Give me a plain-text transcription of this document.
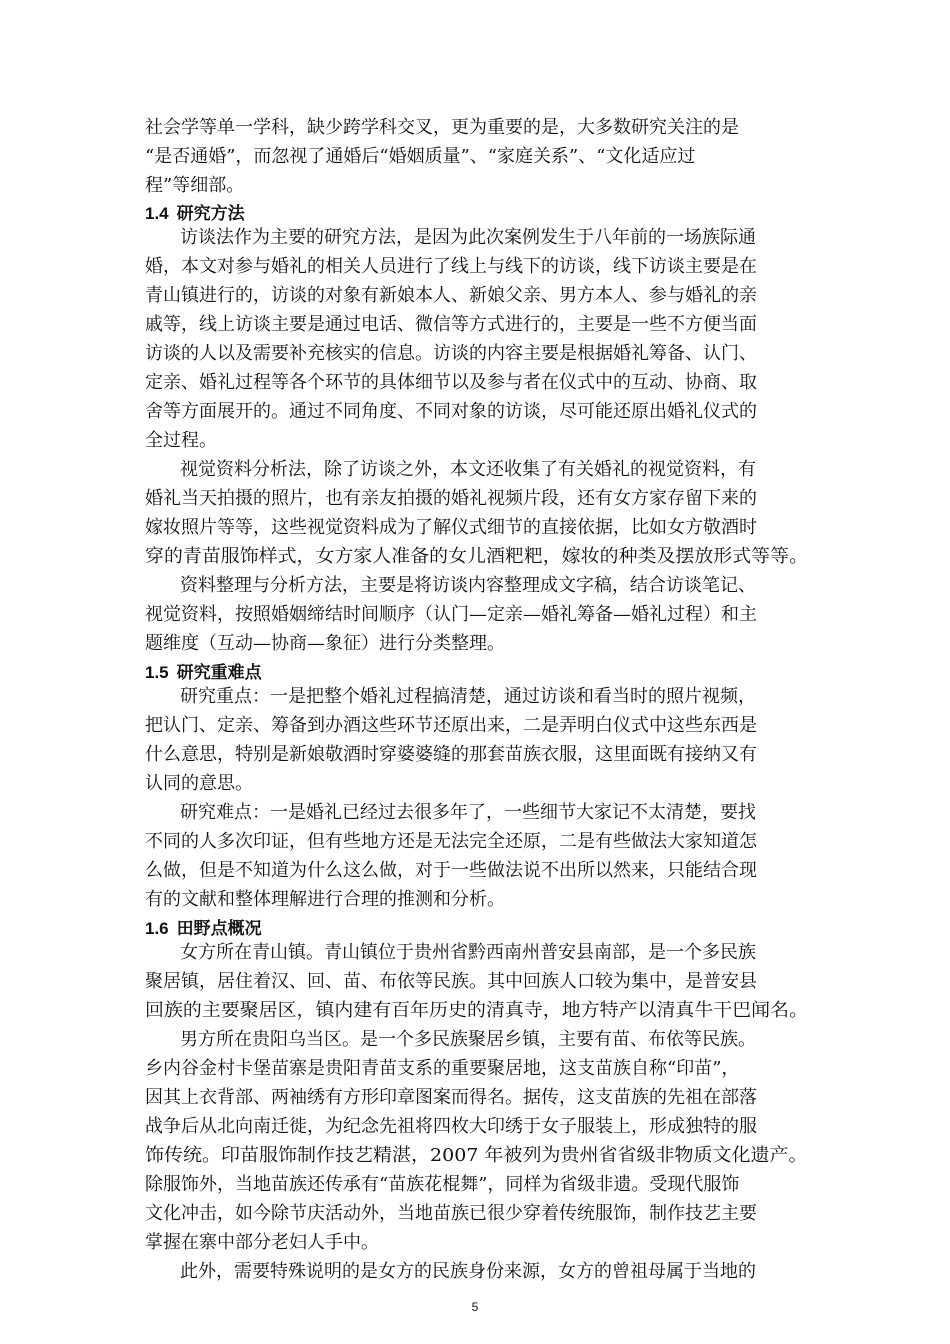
社会学等单一学科，缺少跨学科交叉，更为重要的是，大多数研究关注的是
“是否通婚”，而忽视了通婚后“婚姻质量”、“家庭关系”、“文化适应过
程”等细部。
1.4 研究方法
访谈法作为主要的研究方法，是因为此次案例发生于八年前的一场族际通
婚，本文对参与婚礼的相关人员进行了线上与线下的访谈，线下访谈主要是在
青山镇进行的，访谈的对象有新娘本人、新娘父亲、男方本人、参与婚礼的亲
戚等，线上访谈主要是通过电话、微信等方式进行的，主要是一些不方便当面
访谈的人以及需要补充核实的信息。访谈的内容主要是根据婚礼筹备、认门、
定亲、婚礼过程等各个环节的具体细节以及参与者在仪式中的互动、协商、取
舍等方面展开的。通过不同角度、不同对象的访谈，尽可能还原出婚礼仪式的
全过程。
视觉资料分析法，除了访谈之外，本文还收集了有关婚礼的视觉资料，有
婚礼当天拍摄的照片，也有亲友拍摄的婚礼视频片段，还有女方家存留下来的
嫁妆照片等等，这些视觉资料成为了解仪式细节的直接依据，比如女方敬酒时
穿的青苗服饰样式，女方家人准备的女儿酒粑粑，嫁妆的种类及摆放形式等等。
资料整理与分析方法，主要是将访谈内容整理成文字稿，结合访谈笔记、
视觉资料，按照婚姻缔结时间顺序（认门—定亲—婚礼筹备—婚礼过程）和主
题维度（互动—协商—象征）进行分类整理。
1.5 研究重难点
研究重点：一是把整个婚礼过程搞清楚，通过访谈和看当时的照片视频，
把认门、定亲、筹备到办酒这些环节还原出来，二是弄明白仪式中这些东西是
什么意思，特别是新娘敬酒时穿婆婆缝的那套苗族衣服，这里面既有接纳又有
认同的意思。
研究难点：一是婚礼已经过去很多年了，一些细节大家记不太清楚，要找
不同的人多次印证，但有些地方还是无法完全还原，二是有些做法大家知道怎
么做，但是不知道为什么这么做，对于一些做法说不出所以然来，只能结合现
有的文献和整体理解进行合理的推测和分析。
1.6 田野点概况
女方所在青山镇。青山镇位于贵州省黔西南州普安县南部，是一个多民族
聚居镇，居住着汉、回、苗、布依等民族。其中回族人口较为集中，是普安县
回族的主要聚居区，镇内建有百年历史的清真寺，地方特产以清真牛干巴闻名。
男方所在贵阳乌当区。是一个多民族聚居乡镇，主要有苗、布依等民族。
乡内谷金村卡堡苗寨是贵阳青苗支系的重要聚居地，这支苗族自称“印苗”，
因其上衣背部、两袖绣有方形印章图案而得名。据传，这支苗族的先祖在部落
战争后从北向南迁徙，为纪念先祖将四枚大印绣于女子服装上，形成独特的服
饰传统。印苗服饰制作技艺精湛，2007 年被列为贵州省省级非物质文化遗产。
除服饰外，当地苗族还传承有“苗族花棍舞”，同样为省级非遗。受现代服饰
文化冲击，如今除节庆活动外，当地苗族已很少穿着传统服饰，制作技艺主要
掌握在寨中部分老妇人手中。
此外，需要特殊说明的是女方的民族身份来源，女方的曾祖母属于当地的
5
